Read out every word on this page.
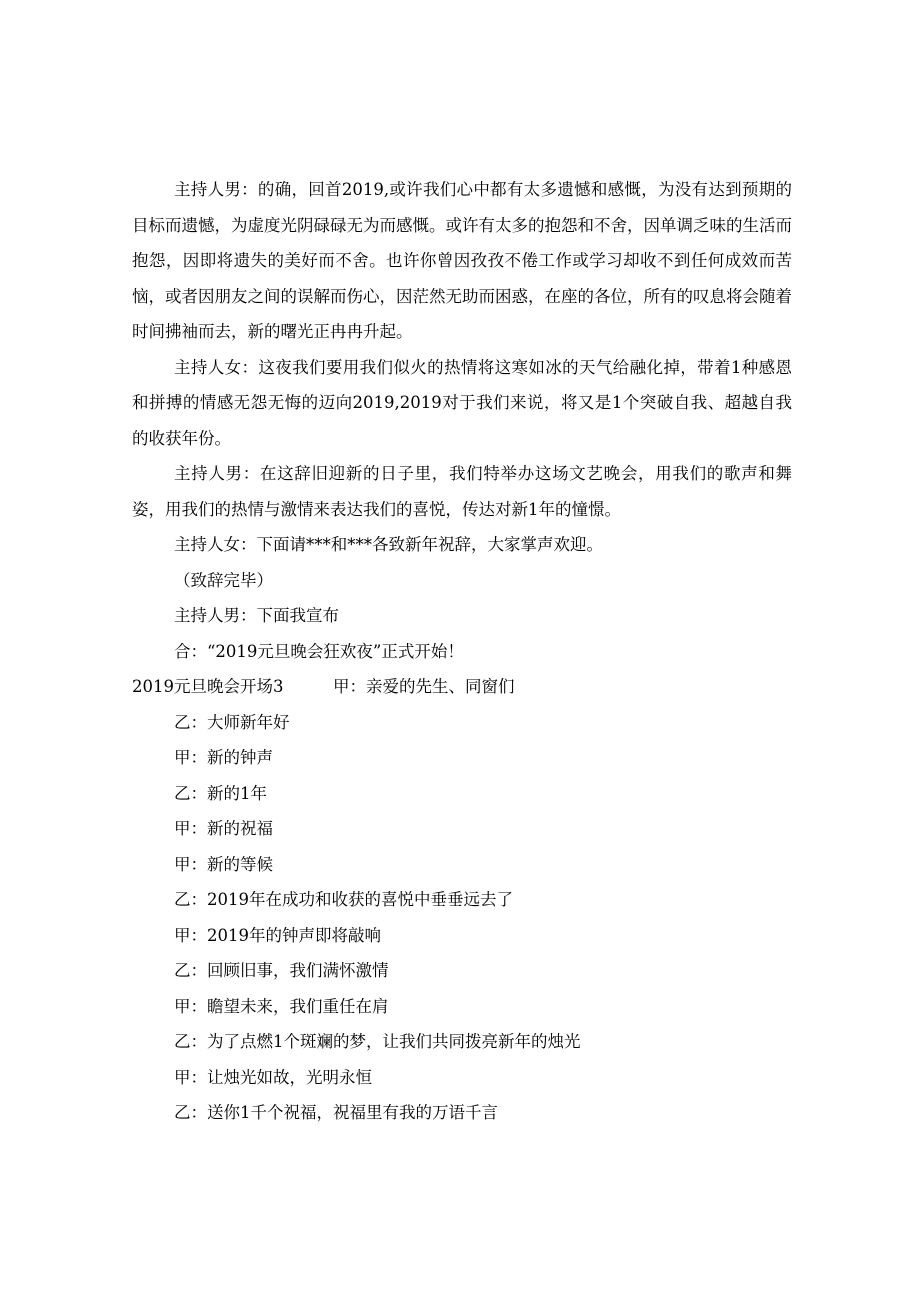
主持人男：的确，回首2019,或许我们心中都有太多遗憾和感慨，为没有达到预期的目标而遗憾，为虚度光阴碌碌无为而感慨。或许有太多的抱怨和不舍，因单调乏味的生活而抱怨，因即将遗失的美好而不舍。也许你曾因孜孜不倦工作或学习却收不到任何成效而苦恼，或者因朋友之间的误解而伤心，因茫然无助而困惑，在座的各位，所有的叹息将会随着时间拂袖而去，新的曙光正冉冉升起。

主持人女：这夜我们要用我们似火的热情将这寒如冰的天气给融化掉，带着1种感恩和拼搏的情感无怨无悔的迈向2019,2019对于我们来说，将又是1个突破自我、超越自我的收获年份。

主持人男：在这辞旧迎新的日子里，我们特举办这场文艺晚会，用我们的歌声和舞姿，用我们的热情与激情来表达我们的喜悦，传达对新1年的憧憬。

主持人女：下面请***和***各致新年祝辞，大家掌声欢迎。

（致辞完毕）

主持人男：下面我宣布

合：“2019元旦晚会狂欢夜”正式开始！

2019元旦晚会开场3　　　甲：亲爱的先生、同窗们

乙：大师新年好

甲：新的钟声

乙：新的1年

甲：新的祝福

甲：新的等候

乙：2019年在成功和收获的喜悦中垂垂远去了

甲：2019年的钟声即将敲响

乙：回顾旧事，我们满怀激情

甲：瞻望未来，我们重任在肩

乙：为了点燃1个斑斓的梦，让我们共同拨亮新年的烛光

甲：让烛光如故，光明永恒

乙：送你1千个祝福，祝福里有我的万语千言
